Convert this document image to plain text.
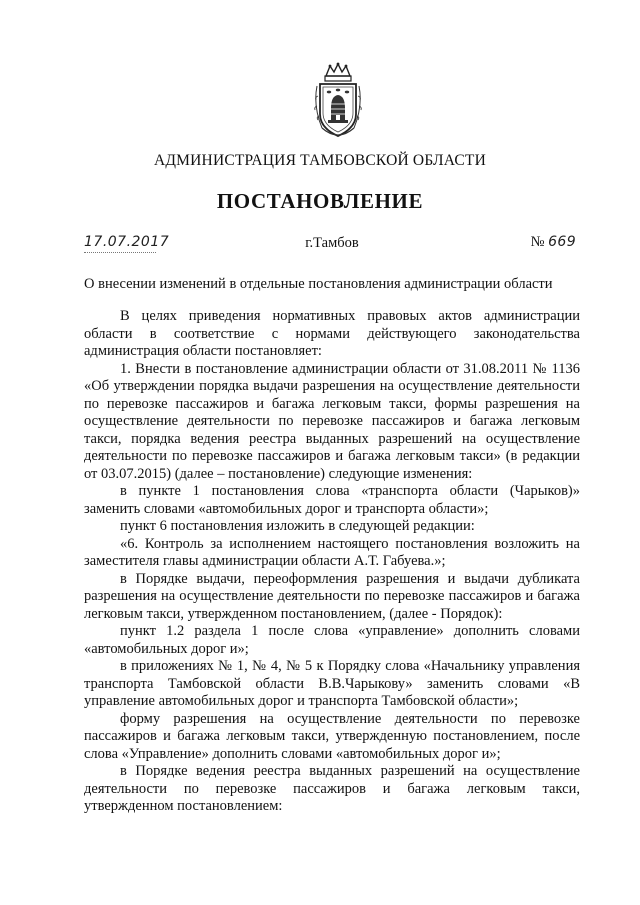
АДМИНИСТРАЦИЯ ТАМБОВСКОЙ ОБЛАСТИ
ПОСТАНОВЛЕНИЕ
17.07.2017	г.Тамбов	№ 669
О внесении изменений в отдельные постановления администрации области

В целях приведения нормативных правовых актов администрации области в соответствие с нормами действующего законодательства администрация области постановляет:

1. Внести в постановление администрации области от 31.08.2011 № 1136 «Об утверждении порядка выдачи разрешения на осуществление деятельности по перевозке пассажиров и багажа легковым такси, формы разрешения на осуществление деятельности по перевозке пассажиров и багажа легковым такси, порядка ведения реестра выданных разрешений на осуществление деятельности по перевозке пассажиров и багажа легковым такси» (в редакции от 03.07.2015) (далее – постановление) следующие изменения:

в пункте 1 постановления слова «транспорта области (Чарыков)» заменить словами «автомобильных дорог и транспорта области»;

пункт 6 постановления изложить в следующей редакции:

«6. Контроль за исполнением настоящего постановления возложить на заместителя главы администрации области А.Т. Габуева.»;

в Порядке выдачи, переоформления разрешения и выдачи дубликата разрешения на осуществление деятельности по перевозке пассажиров и багажа легковым такси, утвержденном постановлением, (далее - Порядок):

пункт 1.2 раздела 1 после слова «управление» дополнить словами «автомобильных дорог и»;

в приложениях № 1, № 4, № 5 к Порядку слова «Начальнику управления транспорта Тамбовской области В.В.Чарыкову» заменить словами «В управление автомобильных дорог и транспорта Тамбовской области»;

форму разрешения на осуществление деятельности по перевозке пассажиров и багажа легковым такси, утвержденную постановлением, после слова «Управление» дополнить словами «автомобильных дорог и»;

в Порядке ведения реестра выданных разрешений на осуществление деятельности по перевозке пассажиров и багажа легковым такси, утвержденном постановлением:
